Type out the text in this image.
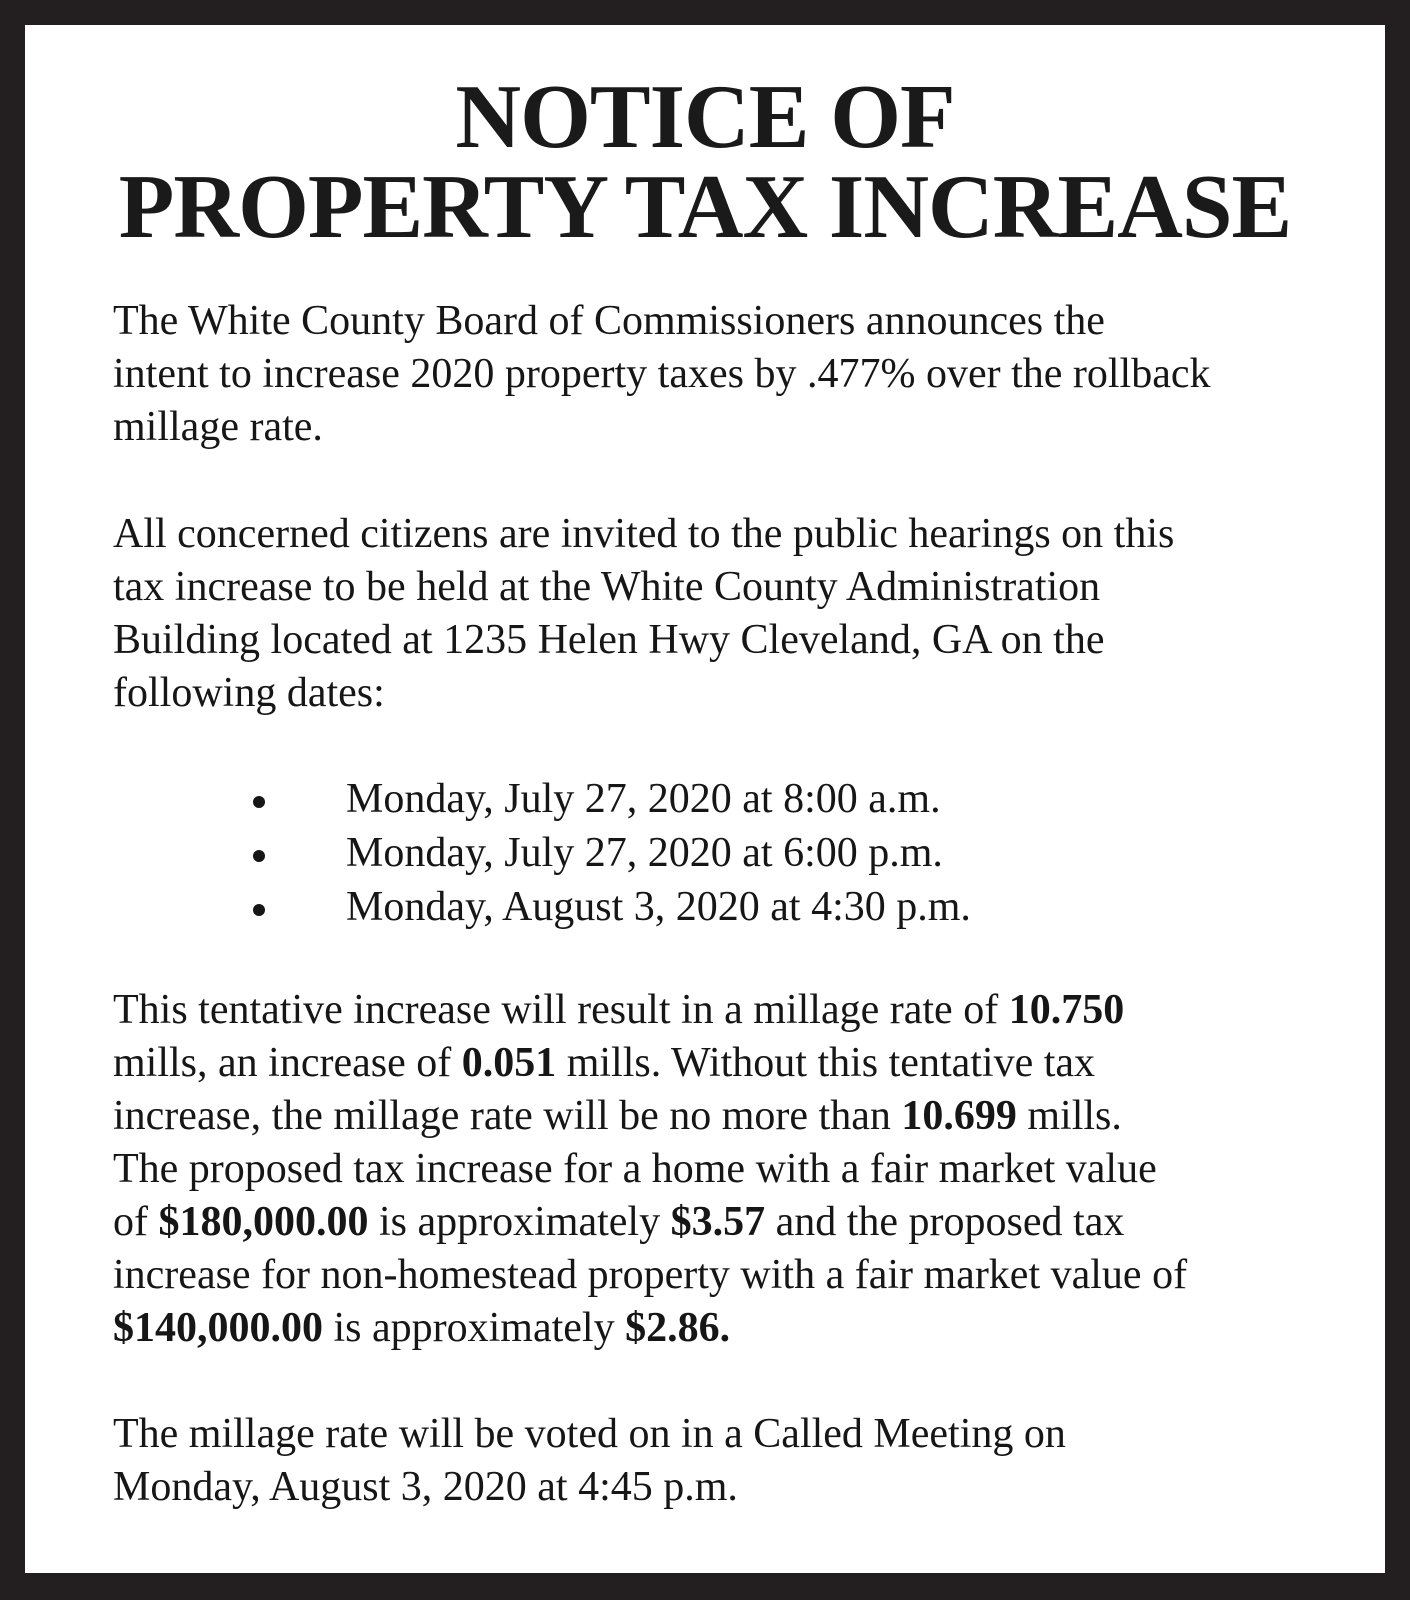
NOTICE OF
PROPERTY TAX INCREASE

The White County Board of Commissioners announces the
intent to increase 2020 property taxes by .477% over the rollback
millage rate.

All concerned citizens are invited to the public hearings on this
tax increase to be held at the White County Administration
Building located at 1235 Helen Hwy Cleveland, GA on the
following dates:

Monday, July 27, 2020 at 8:00 a.m.
Monday, July 27, 2020 at 6:00 p.m.
Monday, August 3, 2020 at 4:30 p.m.

This tentative increase will result in a millage rate of 10.750
mills, an increase of 0.051 mills. Without this tentative tax
increase, the millage rate will be no more than 10.699 mills.
The proposed tax increase for a home with a fair market value
of $180,000.00 is approximately $3.57 and the proposed tax
increase for non-homestead property with a fair market value of
$140,000.00 is approximately $2.86.

The millage rate will be voted on in a Called Meeting on
Monday, August 3, 2020 at 4:45 p.m.
